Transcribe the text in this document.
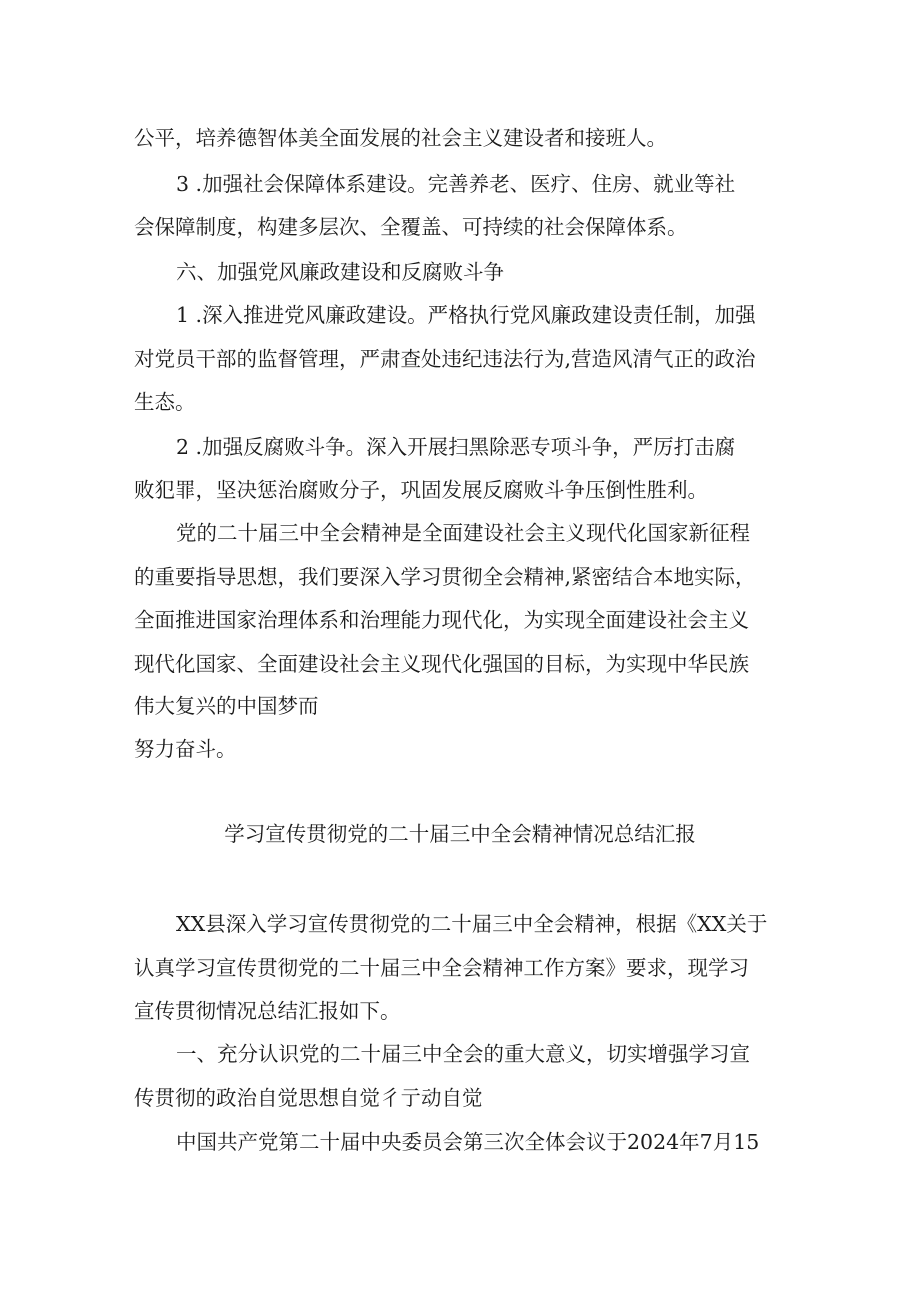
公平，培养德智体美全面发展的社会主义建设者和接班人。
3 .加强社会保障体系建设。完善养老、医疗、住房、就业等社
会保障制度，构建多层次、全覆盖、可持续的社会保障体系。
六、加强党风廉政建设和反腐败斗争
1 .深入推进党风廉政建设。严格执行党风廉政建设责任制，加强
对党员干部的监督管理，严肃查处违纪违法行为,营造风清气正的政治
生态。
2 .加强反腐败斗争。深入开展扫黑除恶专项斗争，严厉打击腐
败犯罪，坚决惩治腐败分子，巩固发展反腐败斗争压倒性胜利。
党的二十届三中全会精神是全面建设社会主义现代化国家新征程
的重要指导思想，我们要深入学习贯彻全会精神,紧密结合本地实际，
全面推进国家治理体系和治理能力现代化，为实现全面建设社会主义
现代化国家、全面建设社会主义现代化强国的目标，为实现中华民族
伟大复兴的中国梦而
努力奋斗。
学习宣传贯彻党的二十届三中全会精神情况总结汇报
XX县深入学习宣传贯彻党的二十届三中全会精神，根据《XX关于
认真学习宣传贯彻党的二十届三中全会精神工作方案》要求，现学习
宣传贯彻情况总结汇报如下。
一、充分认识党的二十届三中全会的重大意义，切实增强学习宣
传贯彻的政治自觉思想自觉彳亍动自觉
中国共产党第二十届中央委员会第三次全体会议于2024年7月15
